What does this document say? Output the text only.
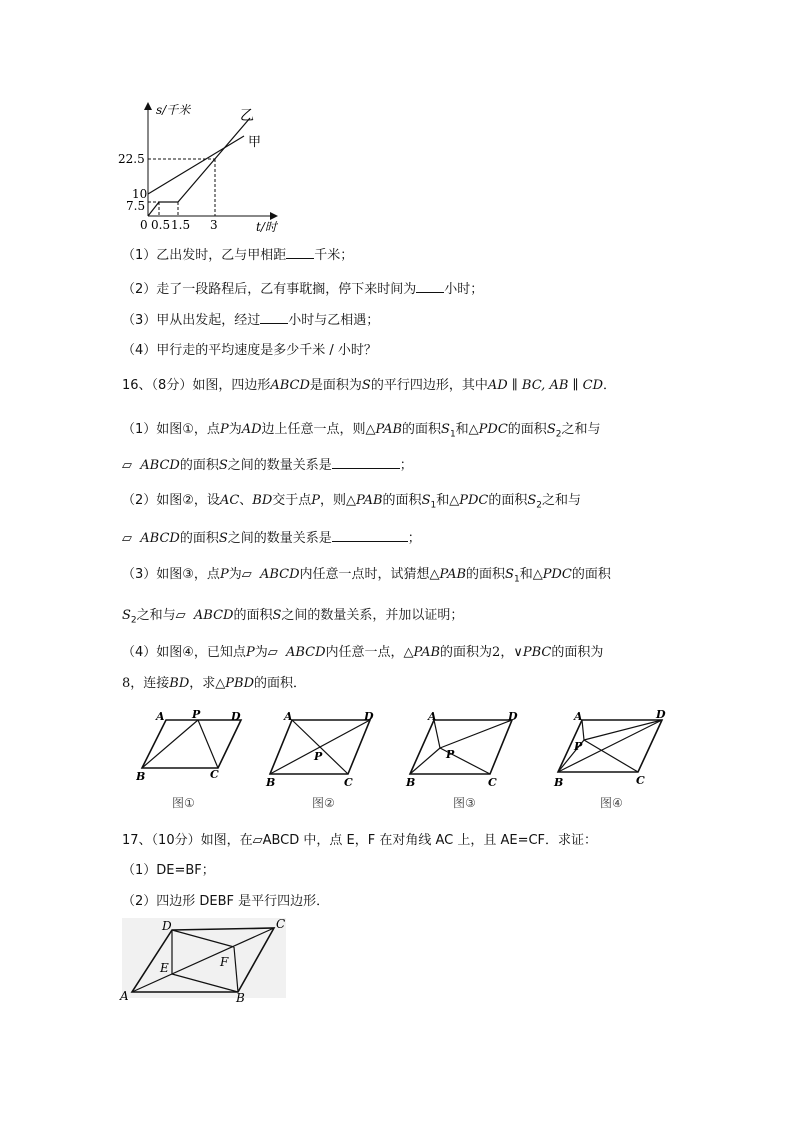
s/千米	乙
甲
22.5
10
7.5
0 0.5 1.5 3	t/时
（1）乙出发时，乙与甲相距 千米；
（2）走了一段路程后，乙有事耽搁，停下来时间为 小时；
（3）甲从出发起，经过 小时与乙相遇；
（4）甲行走的平均速度是多少千米 / 小时？
16、（8分）如图，四边形ABCD是面积为S的平行四边形，其中AD ∥ BC, AB ∥ CD．
（1）如图①，点P为AD边上任意一点，则△PAB的面积$S_1$和△PDC的面积$S_2$之和与
▱ ABCD的面积S之间的数量关系是	；
（2）如图②，设AC、BD交于点P，则△PAB的面积$S_1$和△PDC的面积$S_2$之和与
▱ ABCD的面积S之间的数量关系是	；
（3）如图③，点P为▱ ABCD内任意一点时，试猜想△PAB的面积$S_1$和△PDC的面积
$S_2$之和与▱ ABCD的面积S之间的数量关系，并加以证明；
（4）如图④，已知点P为▱ ABCD内任意一点，△PAB的面积为2，∨PBC的面积为
8，连接BD，求△PBD的面积．
A P	D
B	C
图①
A	D
P
B	C
图②
A	D
P
B	C
图③
A	D
P
B	C
图④
17、（10分）如图，在▱ABCD 中，点 E，F 在对角线 AC 上，且 AE=CF．求证：
（1）DE=BF；
（2）四边形 DEBF 是平行四边形．
D	C
E	F
A	B
